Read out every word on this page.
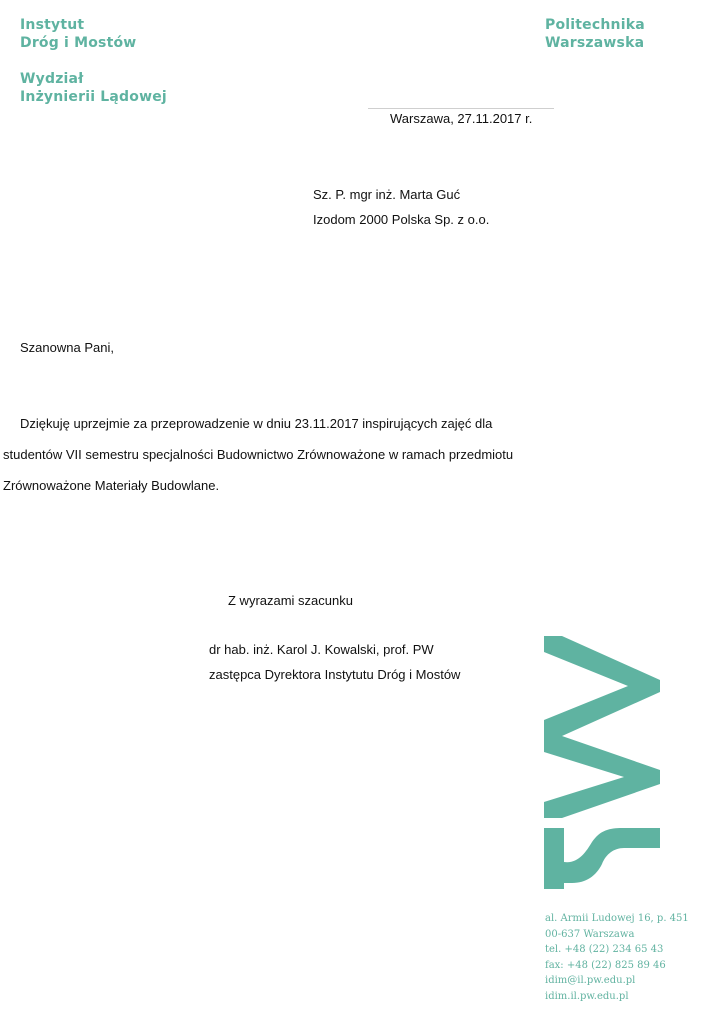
Instytut
Dróg i Mostów
Wydział
Inżynierii Lądowej
Politechnika
Warszawska
Warszawa, 27.11.2017 r.
Sz. P. mgr inż. Marta Guć
Izodom 2000 Polska Sp. z o.o.
Szanowna Pani,
Dziękuję uprzejmie za przeprowadzenie w dniu 23.11.2017 inspirujących zajęć dla
studentów VII semestru specjalności Budownictwo Zrównoważone w ramach przedmiotu
Zrównoważone Materiały Budowlane.
Z wyrazami szacunku
dr hab. inż. Karol J. Kowalski, prof. PW
zastępca Dyrektora Instytutu Dróg i Mostów
al. Armii Ludowej 16, p. 451
00-637 Warszawa
tel. +48 (22) 234 65 43
fax: +48 (22) 825 89 46
idim@il.pw.edu.pl
idim.il.pw.edu.pl
